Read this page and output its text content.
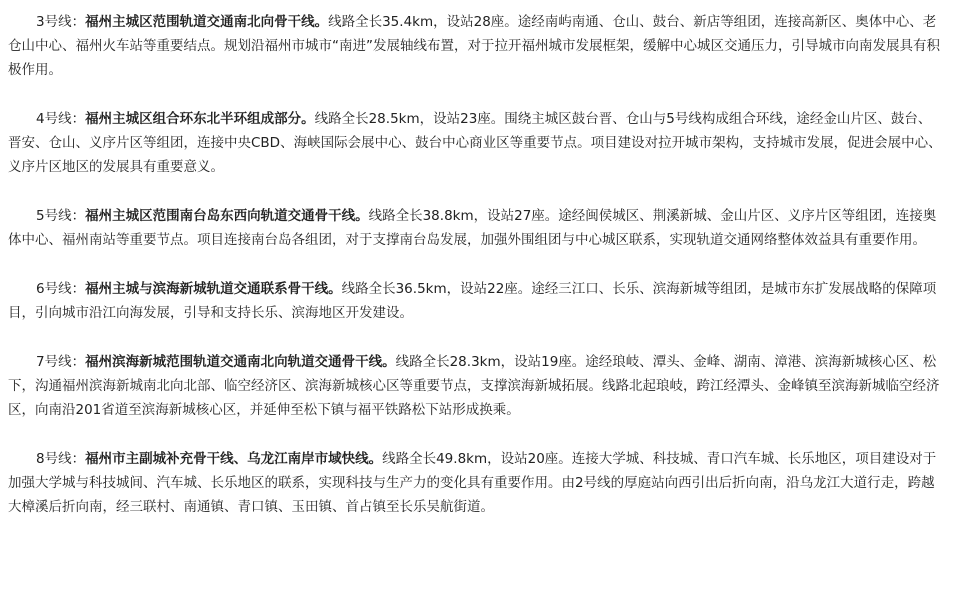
3号线：福州主城区范围轨道交通南北向骨干线。线路全长35.4km，设站28座。途经南屿南通、仓山、鼓台、新店等组团，连接高新区、奥体中心、老仓山中心、福州火车站等重要结点。规划沿福州市城市“南进”发展轴线布置，对于拉开福州城市发展框架，缓解中心城区交通压力，引导城市向南发展具有积极作用。

4号线：福州主城区组合环东北半环组成部分。线路全长28.5km，设站23座。围绕主城区鼓台晋、仓山与5号线构成组合环线，途经金山片区、鼓台、晋安、仓山、义序片区等组团，连接中央CBD、海峡国际会展中心、鼓台中心商业区等重要节点。项目建设对拉开城市架构，支持城市发展，促进会展中心、义序片区地区的发展具有重要意义。

5号线：福州主城区范围南台岛东西向轨道交通骨干线。线路全长38.8km，设站27座。途经闽侯城区、荆溪新城、金山片区、义序片区等组团，连接奥体中心、福州南站等重要节点。项目连接南台岛各组团，对于支撑南台岛发展，加强外围组团与中心城区联系，实现轨道交通网络整体效益具有重要作用。

6号线：福州主城与滨海新城轨道交通联系骨干线。线路全长36.5km，设站22座。途经三江口、长乐、滨海新城等组团，是城市东扩发展战略的保障项目，引向城市沿江向海发展，引导和支持长乐、滨海地区开发建设。

7号线：福州滨海新城范围轨道交通南北向轨道交通骨干线。线路全长28.3km，设站19座。途经琅岐、潭头、金峰、湖南、漳港、滨海新城核心区、松下，沟通福州滨海新城南北向北部、临空经济区、滨海新城核心区等重要节点，支撑滨海新城拓展。线路北起琅岐，跨江经潭头、金峰镇至滨海新城临空经济区，向南沿201省道至滨海新城核心区，并延伸至松下镇与福平铁路松下站形成换乘。

8号线：福州市主副城补充骨干线、乌龙江南岸市域快线。线路全长49.8km，设站20座。连接大学城、科技城、青口汽车城、长乐地区，项目建设对于加强大学城与科技城间、汽车城、长乐地区的联系，实现科技与生产力的变化具有重要作用。由2号线的厚庭站向西引出后折向南，沿乌龙江大道行走，跨越大樟溪后折向南，经三联村、南通镇、青口镇、玉田镇、首占镇至长乐吴航街道。
